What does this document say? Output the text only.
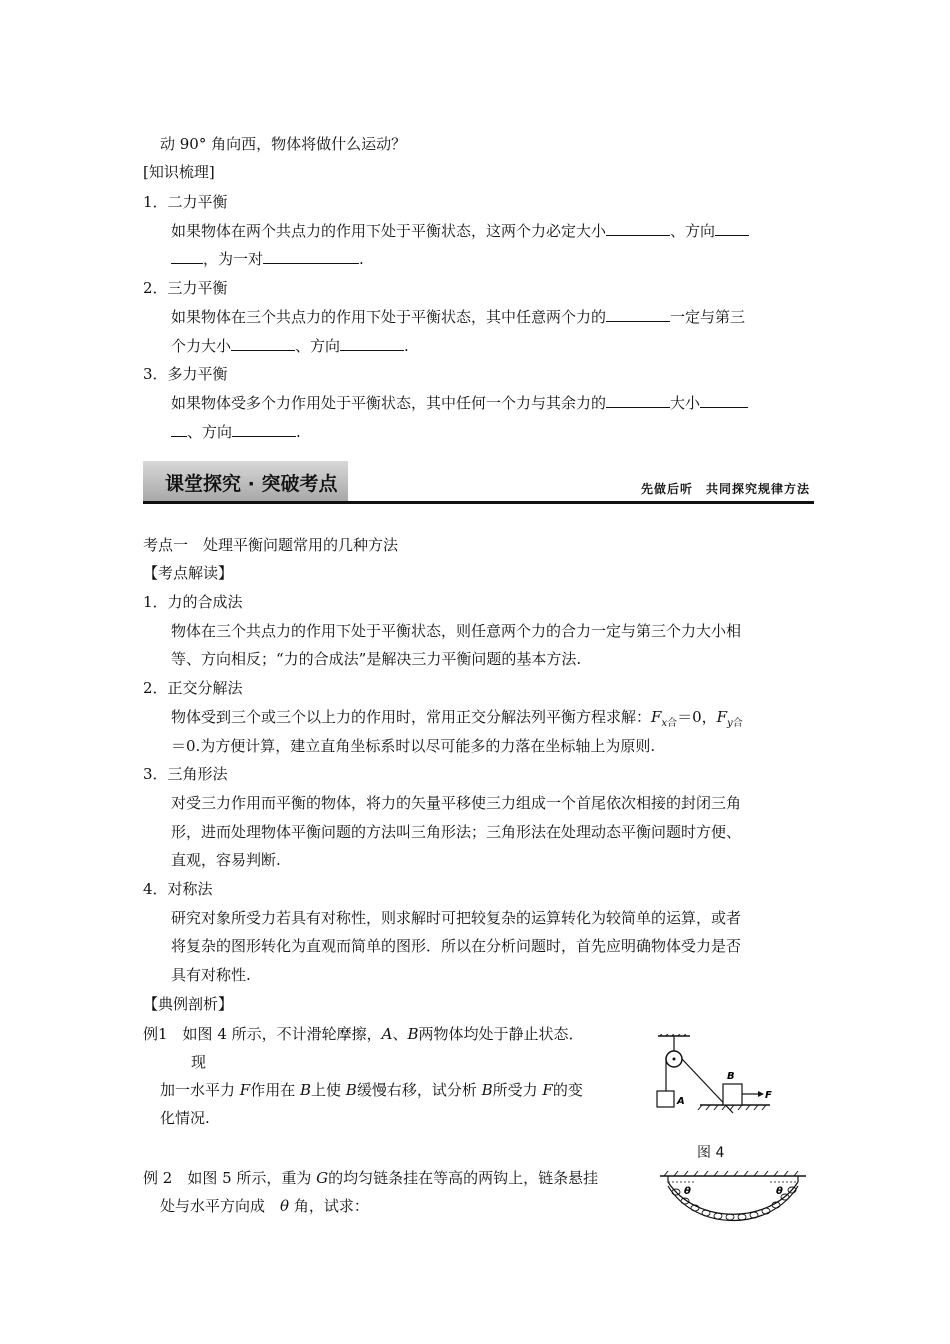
动 90° 角向西，物体将做什么运动？
[知识梳理]
1．二力平衡
如果物体在两个共点力的作用下处于平衡状态，这两个力必定大小	、方向
，为一对	.
2．三力平衡
如果物体在三个共点力的作用下处于平衡状态，其中任意两个力的	一定与第三
个力大小	、方向	.
3．多力平衡
如果物体受多个力作用处于平衡状态，其中任何一个力与其余力的	大小
、方向	.
课堂探究 · 突破考点	先做后听　共同探究规律方法
考点一　处理平衡问题常用的几种方法
【考点解读】
1．力的合成法
物体在三个共点力的作用下处于平衡状态，则任意两个力的合力一定与第三个力大小相
等、方向相反；“力的合成法”是解决三力平衡问题的基本方法.
2．正交分解法
物体受到三个或三个以上力的作用时，常用正交分解法列平衡方程求解：$F_{x合}=0$，$F_{y合}$
＝0.为方便计算，建立直角坐标系时以尽可能多的力落在坐标轴上为原则.
3．三角形法
对受三力作用而平衡的物体，将力的矢量平移使三力组成一个首尾依次相接的封闭三角
形，进而处理物体平衡问题的方法叫三角形法；三角形法在处理动态平衡问题时方便、
直观，容易判断.
4．对称法
研究对象所受力若具有对称性，则求解时可把较复杂的运算转化为较简单的运算，或者
将复杂的图形转化为直观而简单的图形．所以在分析问题时，首先应明确物体受力是否
具有对称性.
【典例剖析】
例1　如图 4 所示，不计滑轮摩擦，A、B两物体均处于静止状态．
现
加一水平力 F作用在 B上使 B缓慢右移，试分析 B所受力 F的变
化情况.
A
B
F
图 4
例 2　如图 5 所示，重为 G的均匀链条挂在等高的两钩上，链条悬挂
处与水平方向成　θ 角，试求：
θ	θ
